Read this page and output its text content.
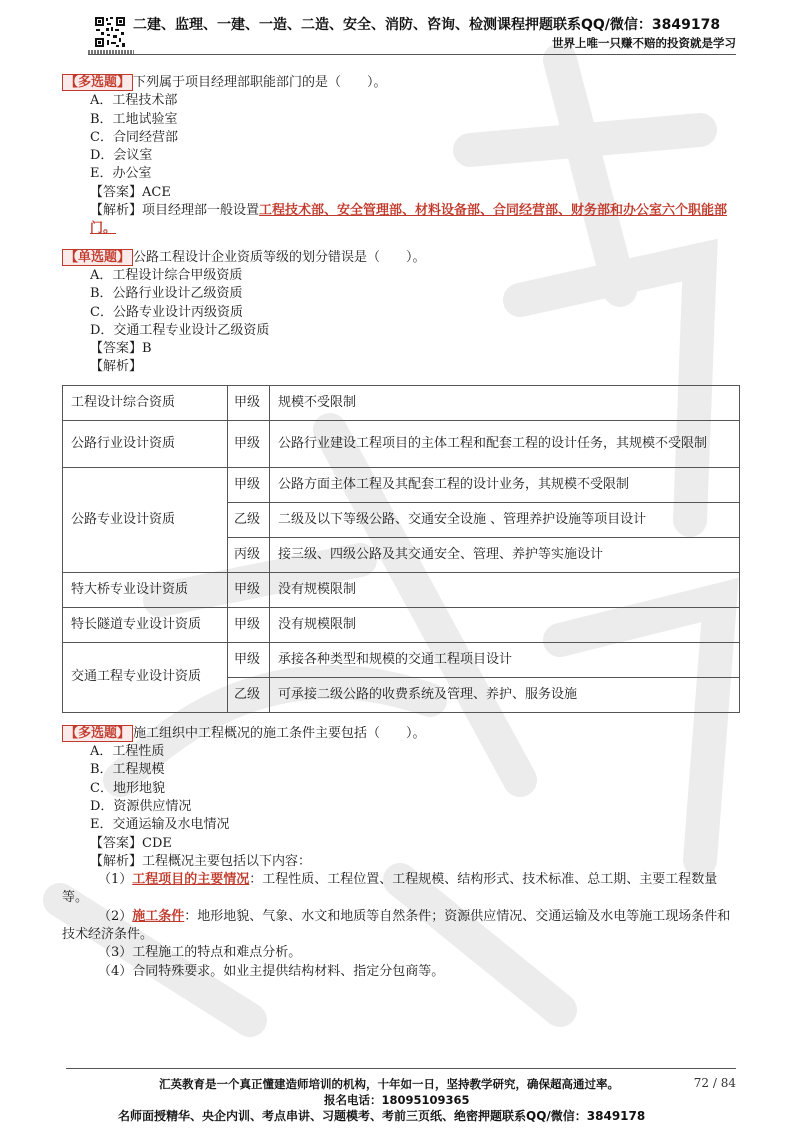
二建、监理、一建、一造、二造、安全、消防、咨询、检测课程押题联系QQ/微信：3849178
世界上唯一只赚不赔的投资就是学习
【多选题】 下列属于项目经理部职能部门的是（　　）。
A．工程技术部
B．工地试验室
C．合同经营部
D．会议室
E．办公室
【答案】ACE
【解析】项目经理部一般设置工程技术部、安全管理部、材料设备部、合同经营部、财务部和办公室六个职能部门。
【单选题】 公路工程设计企业资质等级的划分错误是（　　）。
A．工程设计综合甲级资质
B．公路行业设计乙级资质
C．公路专业设计丙级资质
D．交通工程专业设计乙级资质
【答案】B
【解析】
工程设计综合资质	甲级	规模不受限制
公路行业设计资质	甲级	公路行业建设工程项目的主体工程和配套工程的设计任务，其规模不受限制
公路专业设计资质	甲级	公路方面主体工程及其配套工程的设计业务，其规模不受限制
	乙级	二级及以下等级公路、交通安全设施 、管理养护设施等项目设计
	丙级	接三级、四级公路及其交通安全、管理、养护等实施设计
特大桥专业设计资质	甲级	没有规模限制
特长隧道专业设计资质	甲级	没有规模限制
交通工程专业设计资质	甲级	承接各种类型和规模的交通工程项目设计
	乙级	可承接二级公路的收费系统及管理、养护、服务设施
【多选题】 施工组织中工程概况的施工条件主要包括（　　）。
A．工程性质
B．工程规模
C．地形地貌
D．资源供应情况
E．交通运输及水电情况
【答案】CDE
【解析】工程概况主要包括以下内容：
（1）工程项目的主要情况：工程性质、工程位置、工程规模、结构形式、技术标准、总工期、主要工程数量等。
（2）施工条件：地形地貌、气象、水文和地质等自然条件；资源供应情况、交通运输及水电等施工现场条件和技术经济条件。
（3）工程施工的特点和难点分析。
（4）合同特殊要求。如业主提供结构材料、指定分包商等。
汇英教育是一个真正懂建造师培训的机构，十年如一日，坚持教学研究，确保超高通过率。	72 / 84
报名电话：18095109365
名师面授精华、央企内训、考点串讲、习题模考、考前三页纸、绝密押题联系QQ/微信：3849178
